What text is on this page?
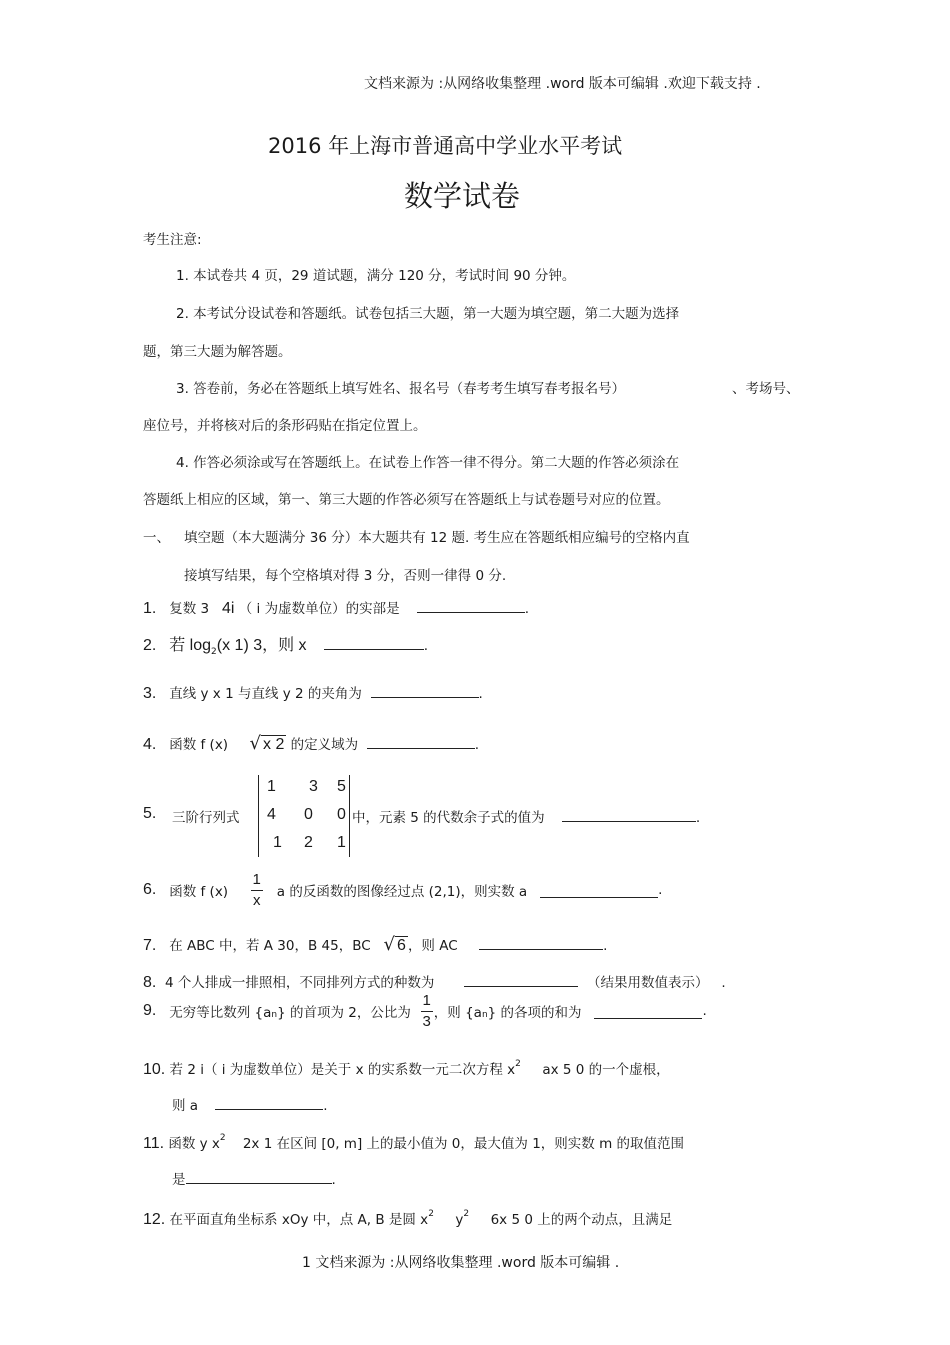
文档来源为 :从网络收集整理 .word 版本可编辑 .欢迎下载支持 .
2016 年上海市普通高中学业水平考试
数学试卷
考生注意:
1. 本试卷共 4 页，29 道试题，满分 120 分，考试时间 90 分钟。
2. 本考试分设试卷和答题纸。试卷包括三大题，第一大题为填空题，第二大题为选择
题，第三大题为解答题。
3. 答卷前，务必在答题纸上填写姓名、报名号（春考考生填写春考报名号）	、考场号、
座位号，并将核对后的条形码贴在指定位置上。
4. 作答必须涂或写在答题纸上。在试卷上作答一律不得分。第二大题的作答必须涂在
答题纸上相应的区域，第一、第三大题的作答必须写在答题纸上与试卷题号对应的位置。
一、 填空题（本大题满分 36 分）本大题共有 12 题. 考生应在答题纸相应编号的空格内直
接填写结果，每个空格填对得 3 分，否则一律得 0 分.
1. 复数 3 4i （ i 为虚数单位）的实部是	.
2. 若 $\log_2(x$ 1) 3，则 x	.
3. 直线 y x 1 与直线 y 2 的夹角为	.
4. 函数 f (x) √ x 2 的定义域为	.
5. 三阶行列式
1 3 5
4 0 0
1 2 1
中，元素 5 的代数余子式的值为	.
6.
函数 f (x)
$\frac{1}{x}$
a 的反函数的图像经过点 (2,1)，则实数 a
	.
7. 在 ABC 中，若 A 30，B 45，BC √ 6 ，则 AC	.
8. 4 个人排成一排照相，不同排列方式的种数为	（结果用数值表示） .
9.
无穷等比数列 {a n } 的首项为 2，公比为
$\frac{1}{3}$ ，则 {a n } 的各项的和为
	.
10. 若 2 i（ i 为虚数单位）是关于 x 的实系数一元二次方程 $x^2$ ax 5 0 的一个虚根，
则 a	.
11. 函数 y $x^2$ 2x 1 在区间 [0, m] 上的最小值为 0，最大值为 1，则实数 m 的取值范围
是	.
12. 在平面直角坐标系 xOy 中，点 A, B 是圆 $x^2$ $y^2$ 6x 5 0 上的两个动点，且满足
1 文档来源为 :从网络收集整理 .word 版本可编辑 .
